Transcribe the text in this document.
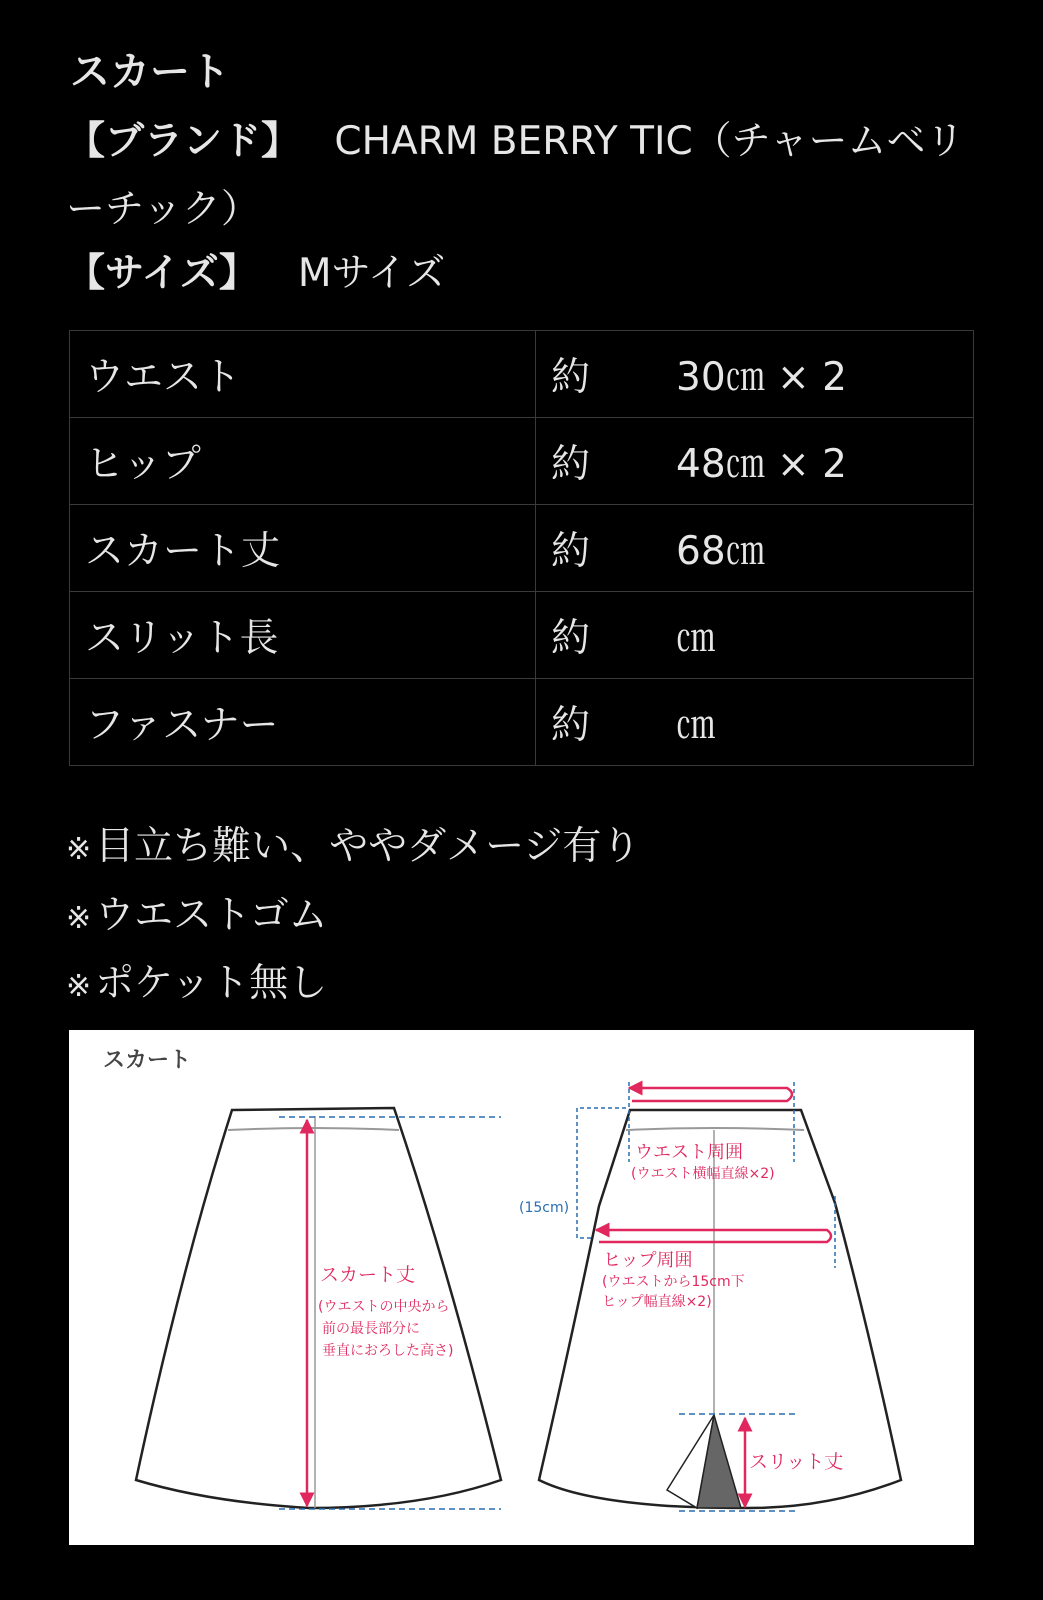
スカート
【ブランド】 CHARM BERRY TIC（チャームベリーチック）
【サイズ】 Mサイズ
ウエスト	約 30㎝ × 2
ヒップ	約 48㎝ × 2
スカート丈	約 68㎝
スリット長	約 ㎝
ファスナー	約 ㎝
※ 目立ち難い、ややダメージ有り
※ ウエストゴム
※ ポケット無し
スカート
スカート丈
(ウエストの中央から
前の最長部分に
垂直におろした高さ)
スリット丈
ウエスト周囲
(ウエスト横幅直線×2)
(15cm)
ヒップ周囲
(ウエストから15cm下
ヒップ幅直線×2)
